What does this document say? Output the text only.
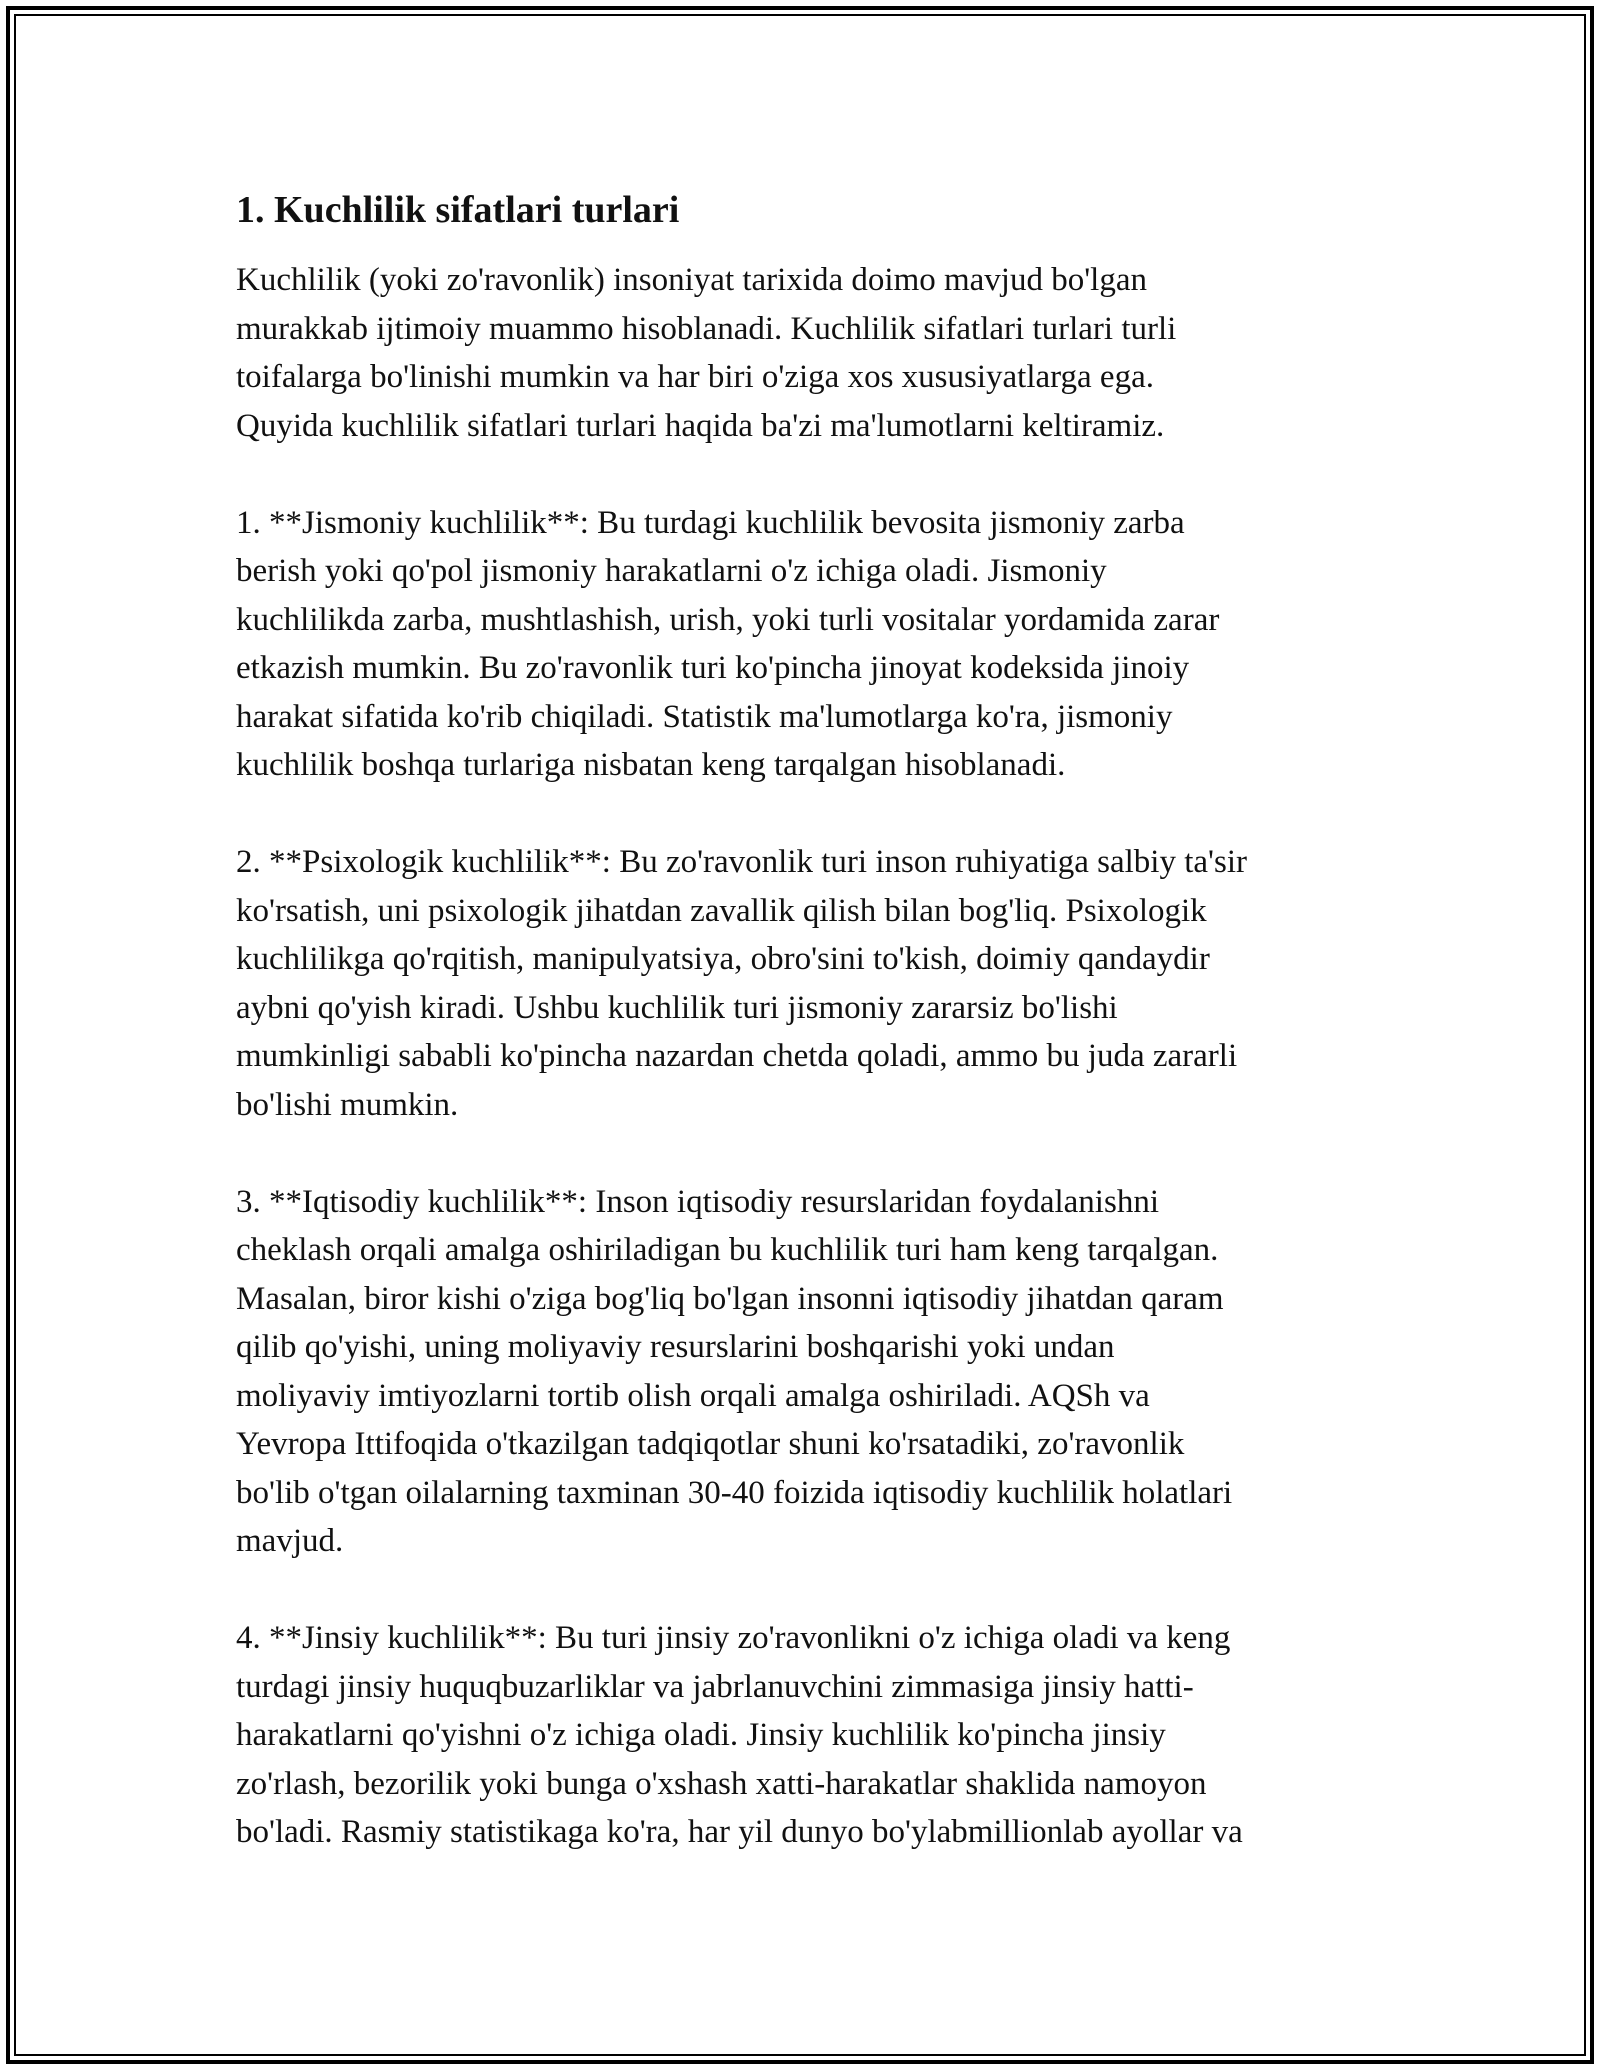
1. Kuchlilik sifatlari turlari

Kuchlilik (yoki zo'ravonlik) insoniyat tarixida doimo mavjud bo'lgan
murakkab ijtimoiy muammo hisoblanadi. Kuchlilik sifatlari turlari turli
toifalarga bo'linishi mumkin va har biri o'ziga xos xususiyatlarga ega.
Quyida kuchlilik sifatlari turlari haqida ba'zi ma'lumotlarni keltiramiz.

1. **Jismoniy kuchlilik**: Bu turdagi kuchlilik bevosita jismoniy zarba
berish yoki qo'pol jismoniy harakatlarni o'z ichiga oladi. Jismoniy
kuchlilikda zarba, mushtlashish, urish, yoki turli vositalar yordamida zarar
etkazish mumkin. Bu zo'ravonlik turi ko'pincha jinoyat kodeksida jinoiy
harakat sifatida ko'rib chiqiladi. Statistik ma'lumotlarga ko'ra, jismoniy
kuchlilik boshqa turlariga nisbatan keng tarqalgan hisoblanadi.

2. **Psixologik kuchlilik**: Bu zo'ravonlik turi inson ruhiyatiga salbiy ta'sir
ko'rsatish, uni psixologik jihatdan zavallik qilish bilan bog'liq. Psixologik
kuchlilikga qo'rqitish, manipulyatsiya, obro'sini to'kish, doimiy qandaydir
aybni qo'yish kiradi. Ushbu kuchlilik turi jismoniy zararsiz bo'lishi
mumkinligi sababli ko'pincha nazardan chetda qoladi, ammo bu juda zararli
bo'lishi mumkin.

3. **Iqtisodiy kuchlilik**: Inson iqtisodiy resurslaridan foydalanishni
cheklash orqali amalga oshiriladigan bu kuchlilik turi ham keng tarqalgan.
Masalan, biror kishi o'ziga bog'liq bo'lgan insonni iqtisodiy jihatdan qaram
qilib qo'yishi, uning moliyaviy resurslarini boshqarishi yoki undan
moliyaviy imtiyozlarni tortib olish orqali amalga oshiriladi. AQSh va
Yevropa Ittifoqida o'tkazilgan tadqiqotlar shuni ko'rsatadiki, zo'ravonlik
bo'lib o'tgan oilalarning taxminan 30-40 foizida iqtisodiy kuchlilik holatlari
mavjud.

4. **Jinsiy kuchlilik**: Bu turi jinsiy zo'ravonlikni o'z ichiga oladi va keng
turdagi jinsiy huquqbuzarliklar va jabrlanuvchini zimmasiga jinsiy hatti-
harakatlarni qo'yishni o'z ichiga oladi. Jinsiy kuchlilik ko'pincha jinsiy
zo'rlash, bezorilik yoki bunga o'xshash xatti-harakatlar shaklida namoyon
bo'ladi. Rasmiy statistikaga ko'ra, har yil dunyo bo'ylabmillionlab ayollar va
